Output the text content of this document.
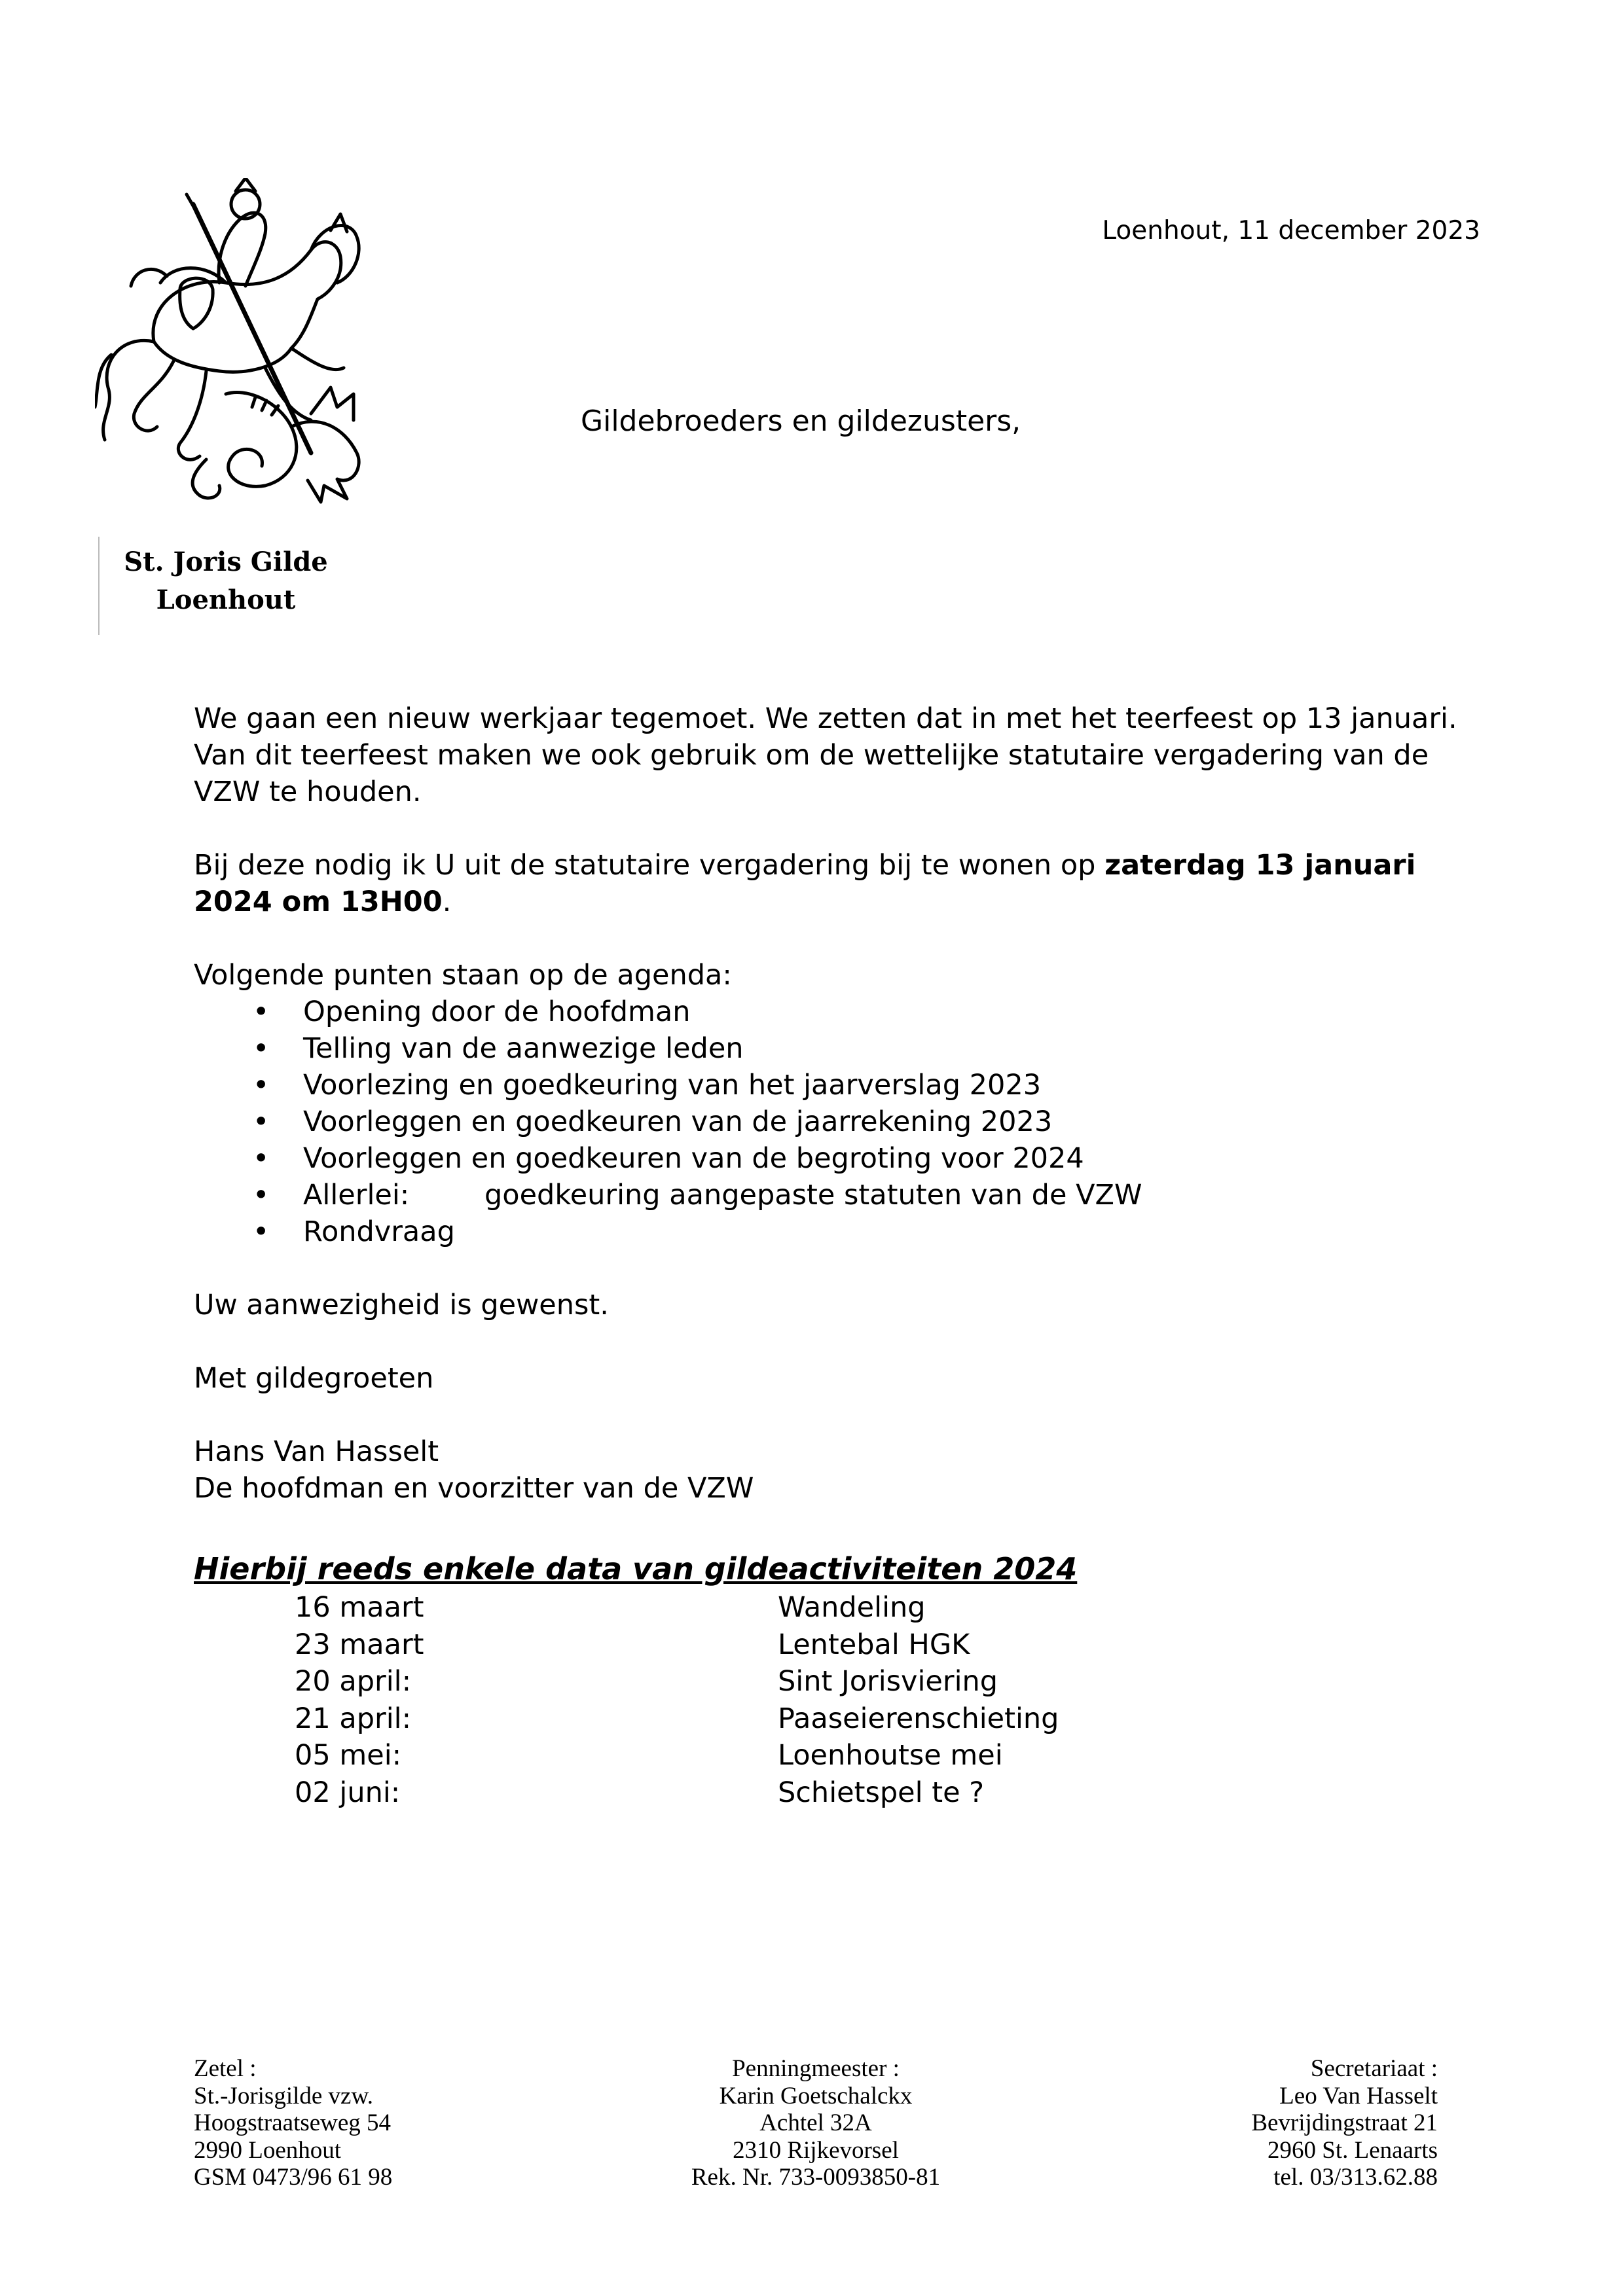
St. Joris Gilde
Loenhout
Loenhout, 11 december 2023
Gildebroeders en gildezusters,

We gaan een nieuw werkjaar tegemoet. We zetten dat in met het teerfeest op 13 januari. Van dit teerfeest maken we ook gebruik om de wettelijke statutaire vergadering van de VZW te houden.

Bij deze nodig ik U uit de statutaire vergadering bij te wonen op zaterdag 13 januari 2024 om 13H00.

Volgende punten staan op de agenda:

• Opening door de hoofdman
• Telling van de aanwezige leden
• Voorlezing en goedkeuring van het jaarverslag 2023
• Voorleggen en goedkeuren van de jaarrekening 2023
• Voorleggen en goedkeuren van de begroting voor 2024
• Allerlei:	goedkeuring aangepaste statuten van de VZW
• Rondvraag

Uw aanwezigheid is gewenst.

Met gildegroeten

Hans Van Hasselt

De hoofdman en voorzitter van de VZW

Hierbij reeds enkele data van gildeactiviteiten 2024
16 maart	Wandeling
23 maart	Lentebal HGK
20 april:	Sint Jorisviering
21 april:	Paaseierenschieting
05 mei:	Loenhoutse mei
02 juni:	Schietspel te ?
Zetel :
St.-Jorisgilde vzw.
Hoogstraatseweg 54
2990 Loenhout
GSM 0473/96 61 98
Penningmeester :
Karin Goetschalckx
Achtel 32A
2310 Rijkevorsel
Rek. Nr. 733-0093850-81
Secretariaat :
Leo Van Hasselt
Bevrijdingstraat 21
2960 St. Lenaarts
tel. 03/313.62.88
